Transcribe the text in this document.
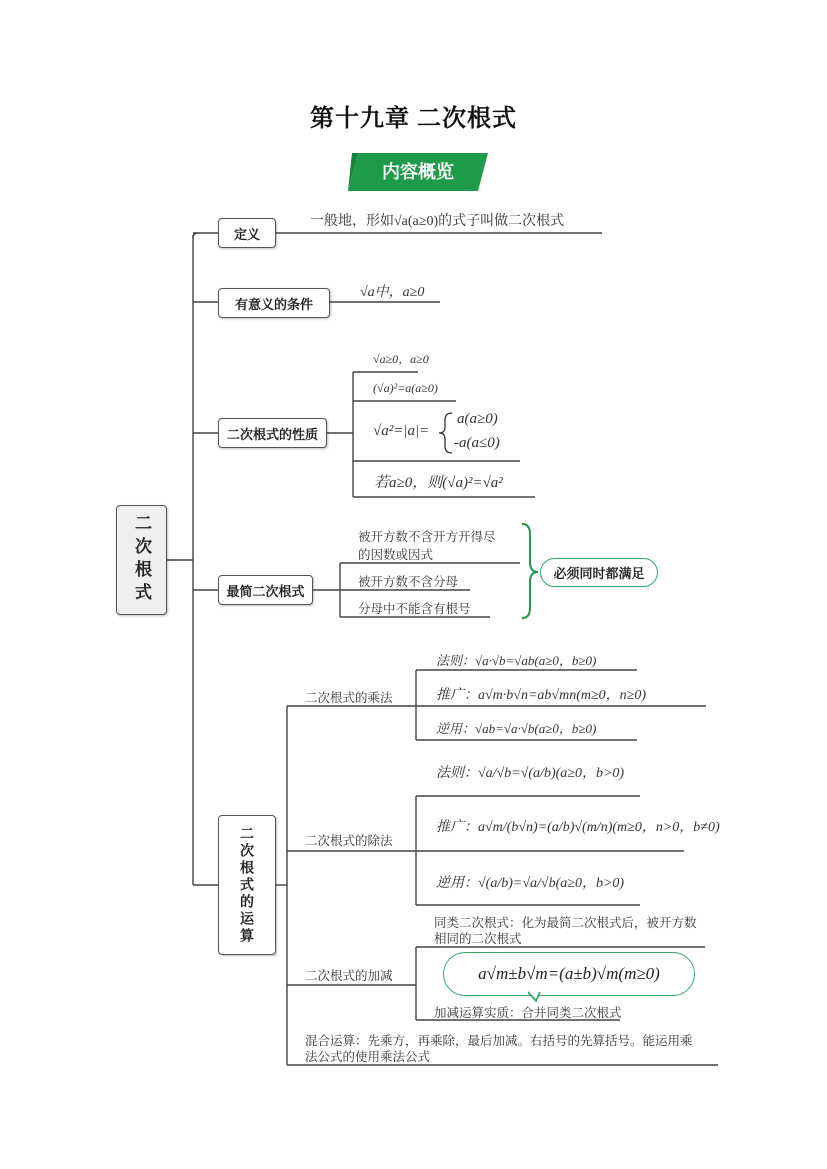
第十九章 二次根式
内容概览
二次根式
定义
一般地，形如√a(a≥0)的式子叫做二次根式
有意义的条件
√a中，a≥0
二次根式的性质
√a≥0，a≥0
(√a)²=a(a≥0)
√a²=|a|=
a(a≥0)
-a(a≤0)
若a≥0，则(√a)²=√a²
最简二次根式
被开方数不含开方开得尽
的因数或因式
被开方数不含分母
分母中不能含有根号
必须同时都满足
二次根式的运算
二次根式的乘法
法则：√a·√b=√ab(a≥0，b≥0)
推广：a√m·b√n=ab√mn(m≥0，n≥0)
逆用：√ab=√a·√b(a≥0，b≥0)
二次根式的除法
法则：√a/√b=√(a/b)(a≥0，b>0)
推广：a√m/(b√n)=(a/b)√(m/n)(m≥0，n>0，b≠0)
逆用：√(a/b)=√a/√b(a≥0，b>0)
二次根式的加减
同类二次根式：化为最简二次根式后，被开方数
相同的二次根式
a√m±b√m=(a±b)√m(m≥0)
加减运算实质：合并同类二次根式
混合运算：先乘方，再乘除，最后加减。右括号的先算括号。能运用乘
法公式的使用乘法公式
